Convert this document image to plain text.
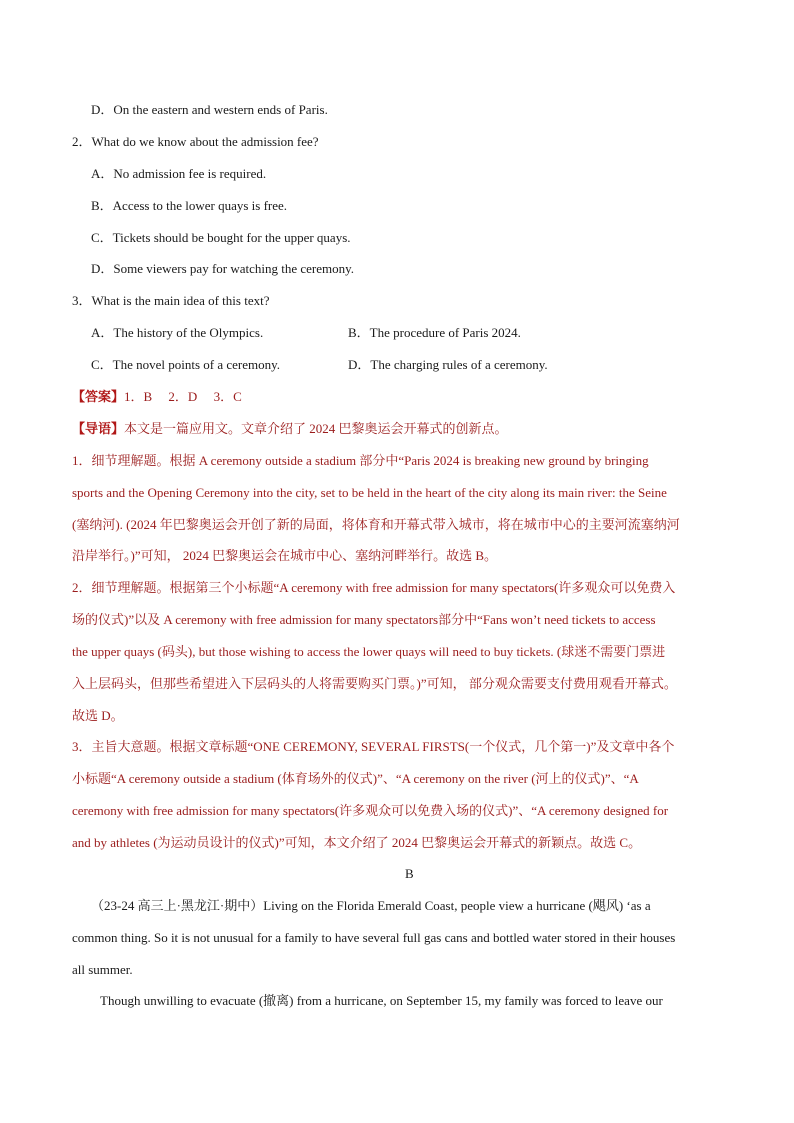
D．On the eastern and western ends of Paris.
2．What do we know about the admission fee?
A．No admission fee is required.
B．Access to the lower quays is free.
C．Tickets should be bought for the upper quays.
D．Some viewers pay for watching the ceremony.
3．What is the main idea of this text?
A．The history of the Olympics.	B．The procedure of Paris 2024.
C．The novel points of a ceremony.	D．The charging rules of a ceremony.
【答案】1．B　 2．D　 3．C
【导语】本文是一篇应用文。文章介绍了 2024 巴黎奥运会开幕式的创新点。
1．细节理解题。根据 A ceremony outside a stadium 部分中“Paris 2024 is breaking new ground by bringing
sports and the Opening Ceremony into the city, set to be held in the heart of the city along its main river: the Seine
(塞纳河). (2024 年巴黎奥运会开创了新的局面，将体育和开幕式带入城市，将在城市中心的主要河流塞纳河
沿岸举行。)”可知， 2024 巴黎奥运会在城市中心、塞纳河畔举行。故选 B。
2．细节理解题。根据第三个小标题“A ceremony with free admission for many spectators(许多观众可以免费入
场的仪式)”以及 A ceremony with free admission for many spectators部分中“Fans won’t need tickets to access
the upper quays (码头), but those wishing to access the lower quays will need to buy tickets. (球迷不需要门票进
入上层码头，但那些希望进入下层码头的人将需要购买门票。)”可知， 部分观众需要支付费用观看开幕式。
故选 D。
3．主旨大意题。根据文章标题“ONE CEREMONY, SEVERAL FIRSTS(一个仪式，几个第一)”及文章中各个
小标题“A ceremony outside a stadium (体育场外的仪式)”、“A ceremony on the river (河上的仪式)”、“A
ceremony with free admission for many spectators(许多观众可以免费入场的仪式)”、“A ceremony designed for
and by athletes (为运动员设计的仪式)”可知，本文介绍了 2024 巴黎奥运会开幕式的新颖点。故选 C。
B
（23-24 高三上·黑龙江·期中）Living on the Florida Emerald Coast, people view a hurricane (飓风) ‘as a
common thing. So it is not unusual for a family to have several full gas cans and bottled water stored in their houses
all summer.
Though unwilling to evacuate (撤离) from a hurricane, on September 15, my family was forced to leave our
